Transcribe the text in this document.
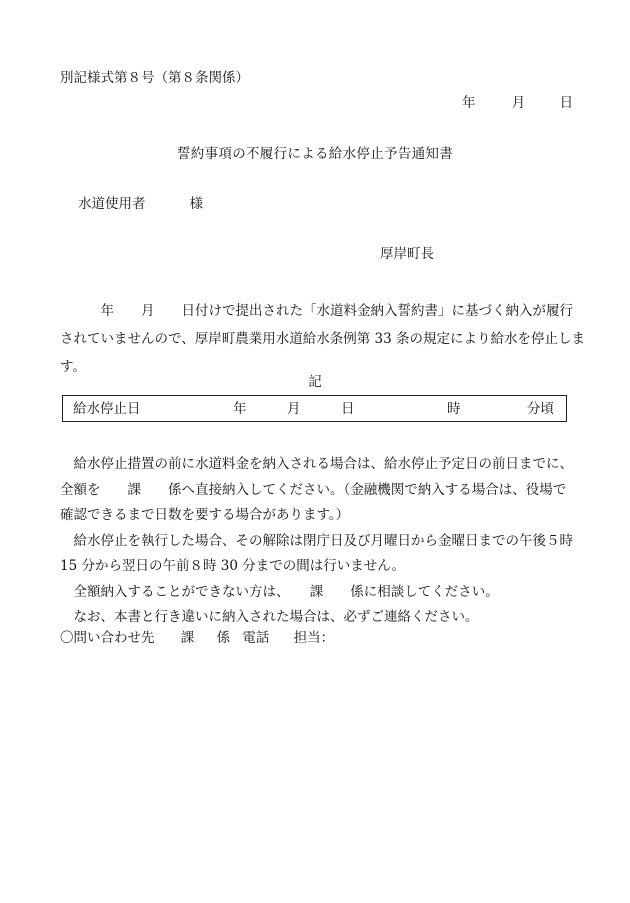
別記様式第８号（第８条関係）
年	月	日
誓約事項の不履行による給水停止予告通知書
水道使用者	様
厚岸町長
　　　年　　月　　日付けで提出された「水道料金納入誓約書」に基づく納入が履行
されていませんので、厚岸町農業用水道給水条例第 33 条の規定により給水を停止しま
す。
記
給水停止日	年	月	日	時	分頃
　給水停止措置の前に水道料金を納入される場合は、給水停止予定日の前日までに、
全額を　　課　　係へ直接納入してください。（金融機関で納入する場合は、役場で
確認できるまで日数を要する場合があります。）
　給水停止を執行した場合、その解除は閉庁日及び月曜日から金曜日までの午後５時
15 分から翌日の午前８時 30 分までの間は行いません。
　全額納入することができない方は、　　課　　係に相談してください。
　なお、本書と行き違いに納入された場合は、必ずご連絡ください。
〇問い合わせ先 課 係 電話 担当：
